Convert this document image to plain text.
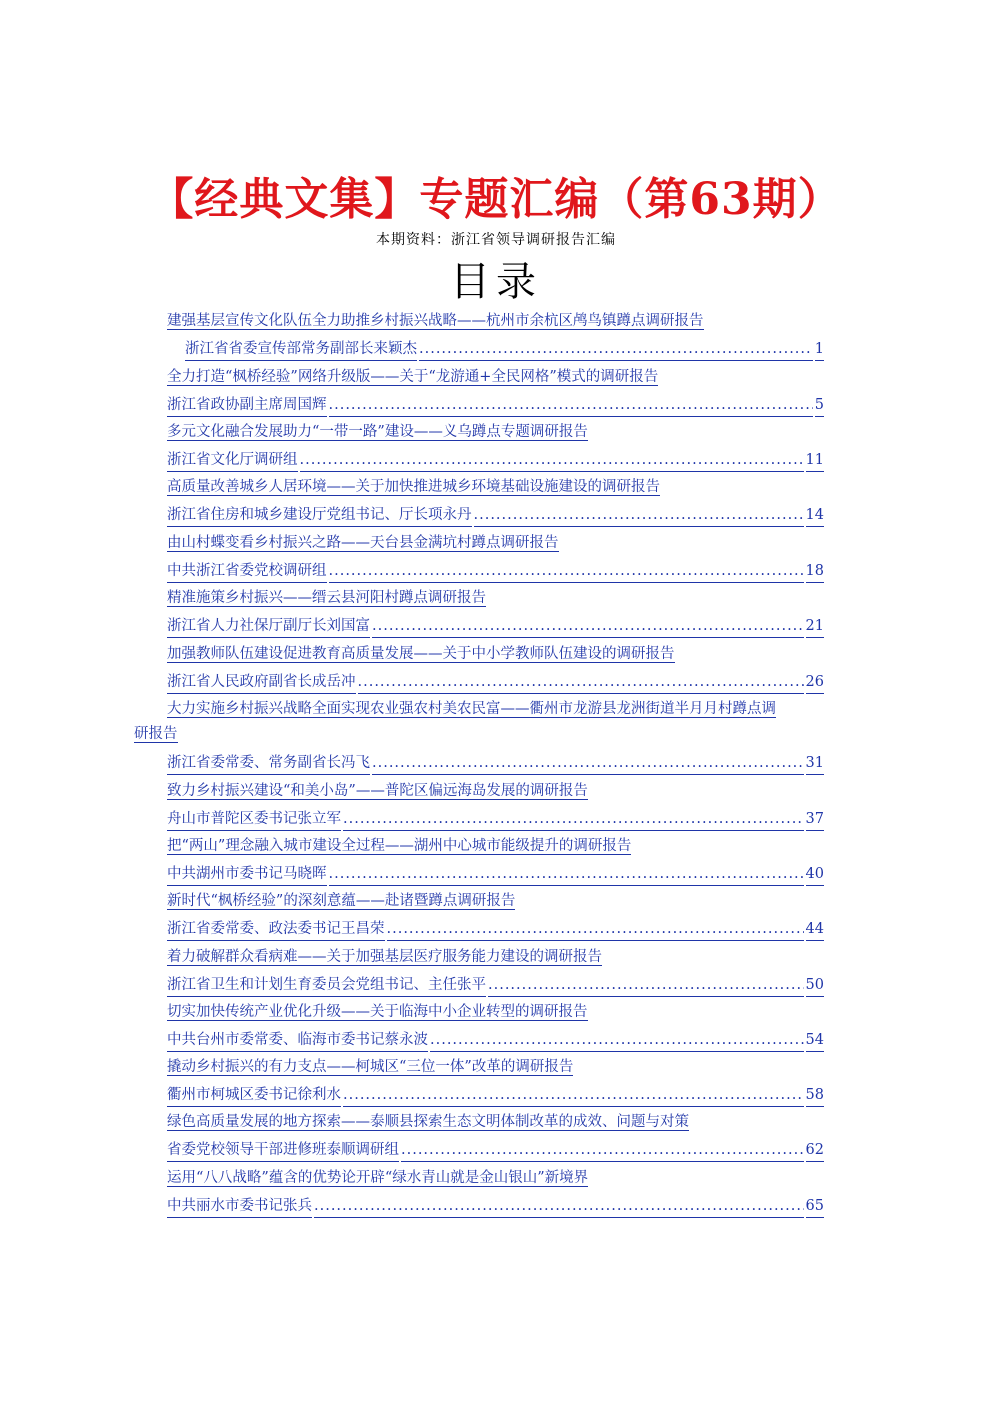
【经典文集】专题汇编（第63期）
本期资料：浙江省领导调研报告汇编
目录
建强基层宣传文化队伍全力助推乡村振兴战略——杭州市余杭区鸬鸟镇蹲点调研报告
浙江省省委宣传部常务副部长来颖杰 .....	1
全力打造“枫桥经验”网络升级版——关于“龙游通+全民网格”模式的调研报告
浙江省政协副主席周国辉 .....	5
多元文化融合发展助力“一带一路”建设——义乌蹲点专题调研报告
浙江省文化厅调研组 .....	11
高质量改善城乡人居环境——关于加快推进城乡环境基础设施建设的调研报告
浙江省住房和城乡建设厅党组书记、厅长项永丹 .....	14
由山村蝶变看乡村振兴之路——天台县金满坑村蹲点调研报告
中共浙江省委党校调研组 .....	18
精准施策乡村振兴——缙云县河阳村蹲点调研报告
浙江省人力社保厅副厅长刘国富 .....	21
加强教师队伍建设促进教育高质量发展——关于中小学教师队伍建设的调研报告
浙江省人民政府副省长成岳冲 .....	26
大力实施乡村振兴战略全面实现农业强农村美农民富——衢州市龙游县龙洲街道半月月村蹲点调
研报告
浙江省委常委、常务副省长冯飞 .....	31
致力乡村振兴建设“和美小岛”——普陀区偏远海岛发展的调研报告
舟山市普陀区委书记张立军 .....	37
把“两山”理念融入城市建设全过程——湖州中心城市能级提升的调研报告
中共湖州市委书记马晓晖 .....	40
新时代“枫桥经验”的深刻意蕴——赴诸暨蹲点调研报告
浙江省委常委、政法委书记王昌荣 .....	44
着力破解群众看病难——关于加强基层医疗服务能力建设的调研报告
浙江省卫生和计划生育委员会党组书记、主任张平 .....	50
切实加快传统产业优化升级——关于临海中小企业转型的调研报告
中共台州市委常委、临海市委书记蔡永波 .....	54
撬动乡村振兴的有力支点——柯城区“三位一体”改革的调研报告
衢州市柯城区委书记徐利水 .....	58
绿色高质量发展的地方探索——泰顺县探索生态文明体制改革的成效、问题与对策
省委党校领导干部进修班泰顺调研组 .....	62
运用“八八战略”蕴含的优势论开辟“绿水青山就是金山银山”新境界
中共丽水市委书记张兵 .....	65
